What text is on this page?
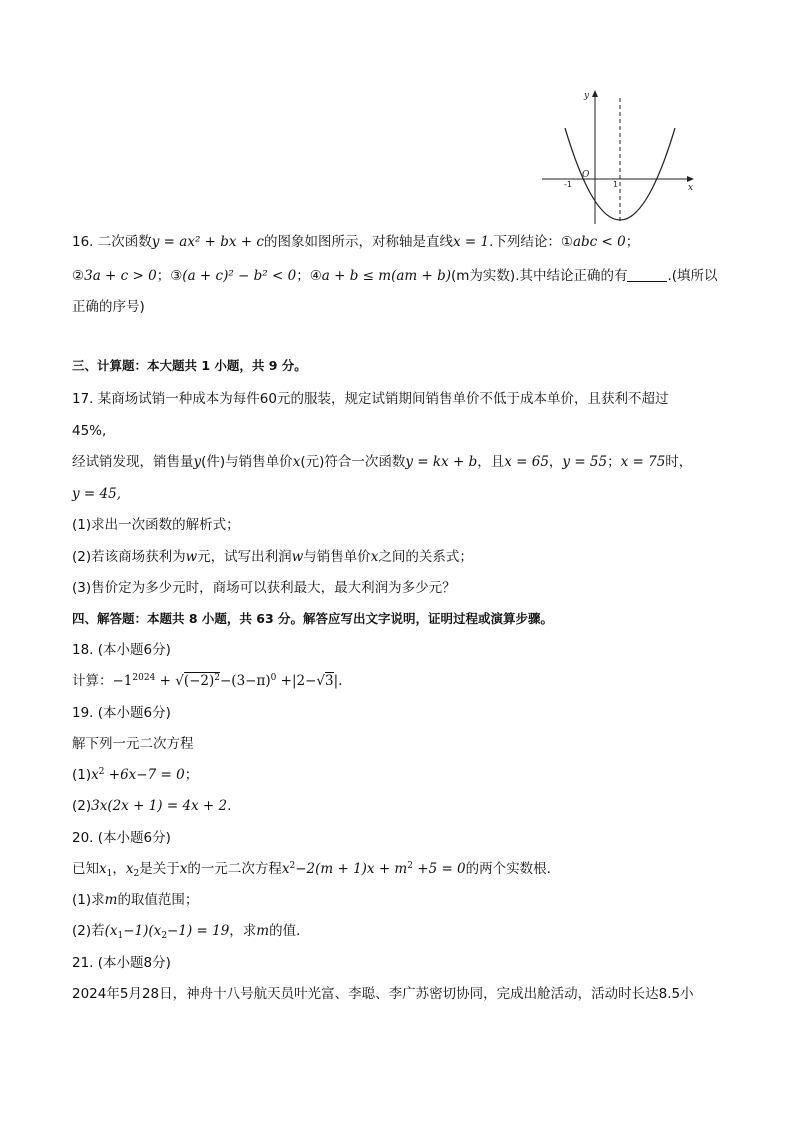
y
x
O
-1	1
16. 二次函数y = ax² + bx + c的图象如图所示，对称轴是直线x = 1.下列结论：①abc < 0；
②3a + c > 0；③(a + c)² − b² < 0；④a + b ≤ m(am + b)(m为实数).其中结论正确的有	.(填所以
正确的序号)
三、计算题：本大题共 1 小题，共 9 分。
17. 某商场试销一种成本为每件60元的服装，规定试销期间销售单价不低于成本单价，且获利不超过
45%,
经试销发现，销售量y(件)与销售单价x(元)符合一次函数y = kx + b，且x = 65，y = 55；x = 75时，
y = 45,
(1)求出一次函数的解析式；
(2)若该商场获利为w元，试写出利润w与销售单价x之间的关系式；
(3)售价定为多少元时，商场可以获利最大，最大利润为多少元？
四、解答题：本题共 8 小题，共 63 分。解答应写出文字说明，证明过程或演算步骤。
18. (本小题6分)
计算：$-1^{2024} + √(-2)^2-(3-\pi)^0 +|2-√3|$.
19. (本小题6分)
解下列一元二次方程
$(1)x^2 +6x-7 = 0$；
(2)3x(2x + 1) = 4x + 2.
20. (本小题6分)
已知$x_1$，$x_2$是关于x的一元二次方程$x^2-2(m + 1)x + m^2 +5 = 0$的两个实数根．
(1)求m的取值范围；
(2)若$(x_1-1)(x_2-1) = 19$，求m的值．
21. (本小题8分)
2024年5月28日，神舟十八号航天员叶光富、李聪、李广苏密切协同，完成出舱活动，活动时长达8.5小
